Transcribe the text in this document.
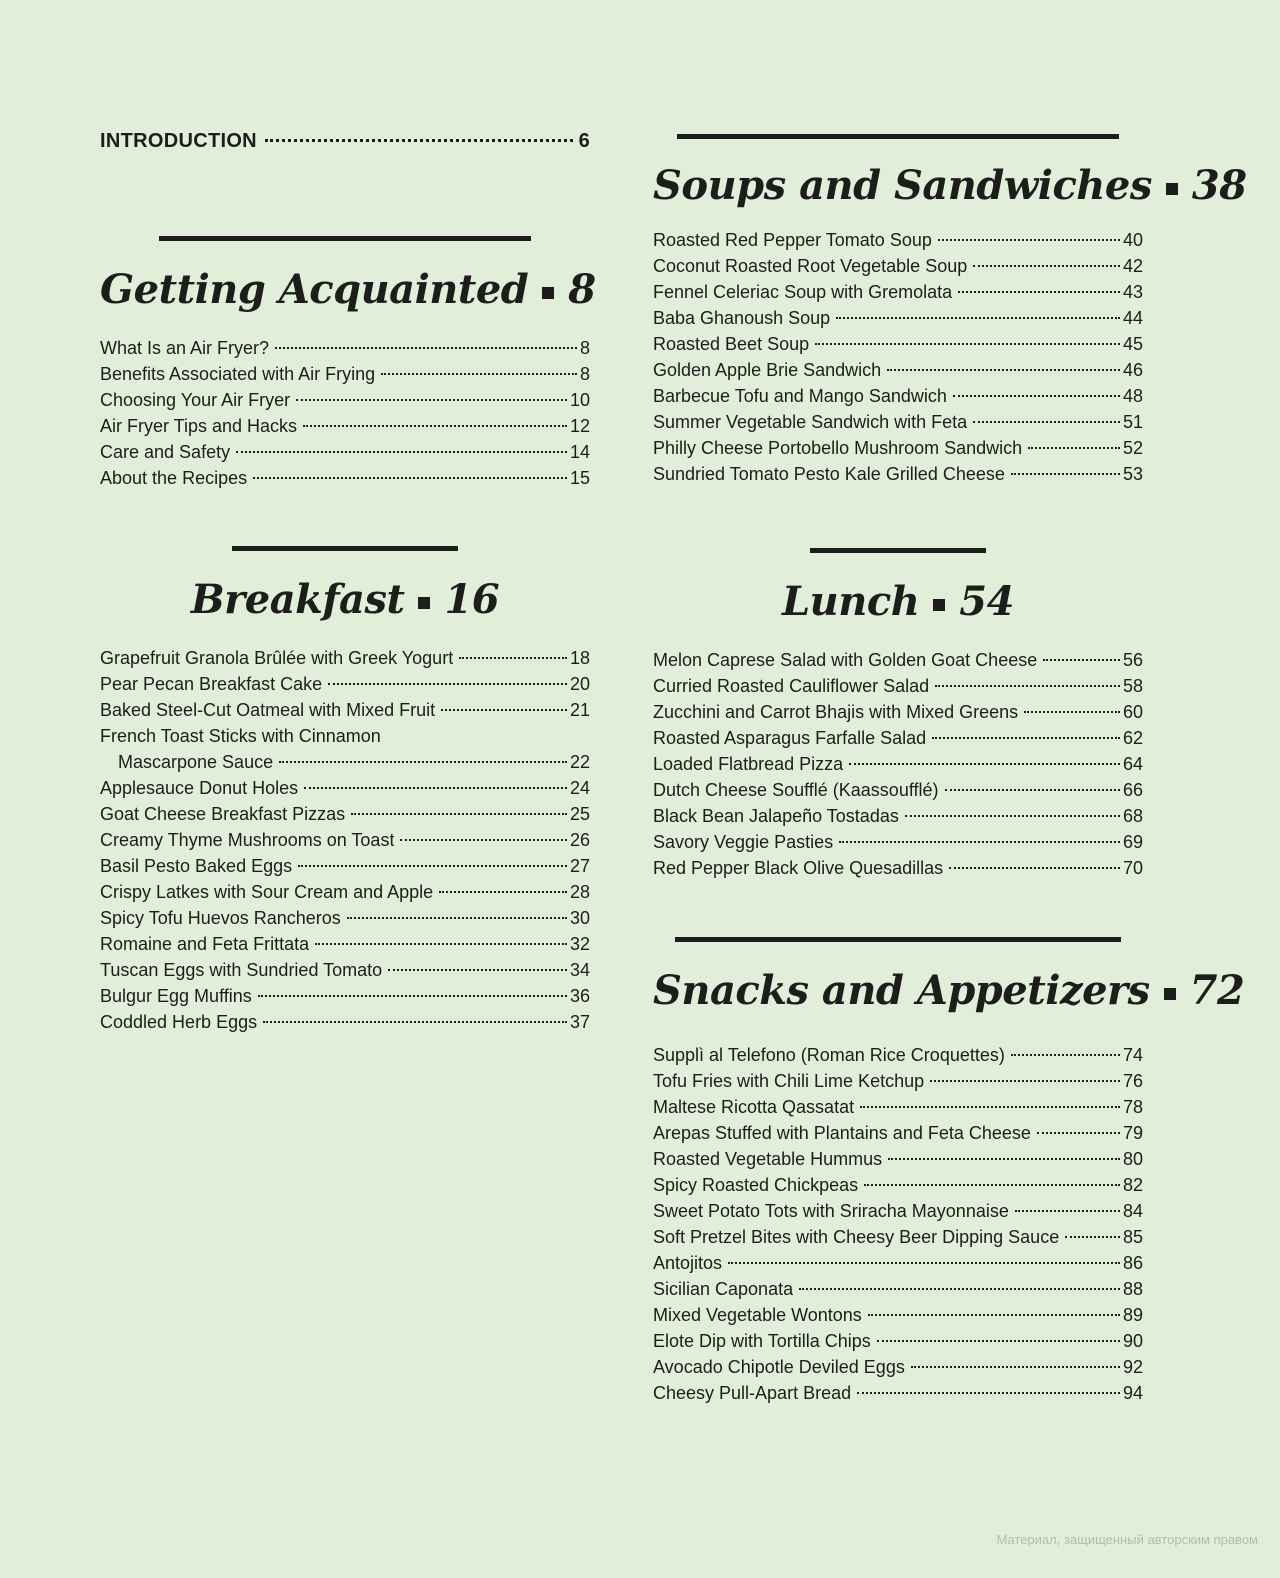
INTRODUCTION	6
Getting Acquainted 8
What Is an Air Fryer?	8
Benefits Associated with Air Frying	8
Choosing Your Air Fryer	10
Air Fryer Tips and Hacks	12
Care and Safety	14
About the Recipes	15
Breakfast 16
Grapefruit Granola Brûlée with Greek Yogurt	18
Pear Pecan Breakfast Cake	20
Baked Steel-Cut Oatmeal with Mixed Fruit	21
French Toast Sticks with Cinnamon
Mascarpone Sauce	22
Applesauce Donut Holes	24
Goat Cheese Breakfast Pizzas	25
Creamy Thyme Mushrooms on Toast	26
Basil Pesto Baked Eggs	27
Crispy Latkes with Sour Cream and Apple	28
Spicy Tofu Huevos Rancheros	30
Romaine and Feta Frittata	32
Tuscan Eggs with Sundried Tomato	34
Bulgur Egg Muffins	36
Coddled Herb Eggs	37
Soups and Sandwiches 38
Roasted Red Pepper Tomato Soup	40
Coconut Roasted Root Vegetable Soup	42
Fennel Celeriac Soup with Gremolata	43
Baba Ghanoush Soup	44
Roasted Beet Soup	45
Golden Apple Brie Sandwich	46
Barbecue Tofu and Mango Sandwich	48
Summer Vegetable Sandwich with Feta	51
Philly Cheese Portobello Mushroom Sandwich	52
Sundried Tomato Pesto Kale Grilled Cheese	53
Lunch 54
Melon Caprese Salad with Golden Goat Cheese	56
Curried Roasted Cauliflower Salad	58
Zucchini and Carrot Bhajis with Mixed Greens	60
Roasted Asparagus Farfalle Salad	62
Loaded Flatbread Pizza	64
Dutch Cheese Soufflé (Kaassoufflé)	66
Black Bean Jalapeño Tostadas	68
Savory Veggie Pasties	69
Red Pepper Black Olive Quesadillas	70
Snacks and Appetizers 72
Supplì al Telefono (Roman Rice Croquettes)	74
Tofu Fries with Chili Lime Ketchup	76
Maltese Ricotta Qassatat	78
Arepas Stuffed with Plantains and Feta Cheese	79
Roasted Vegetable Hummus	80
Spicy Roasted Chickpeas	82
Sweet Potato Tots with Sriracha Mayonnaise	84
Soft Pretzel Bites with Cheesy Beer Dipping Sauce	85
Antojitos	86
Sicilian Caponata	88
Mixed Vegetable Wontons	89
Elote Dip with Tortilla Chips	90
Avocado Chipotle Deviled Eggs	92
Cheesy Pull-Apart Bread	94
Материал, защищенный авторским правом
